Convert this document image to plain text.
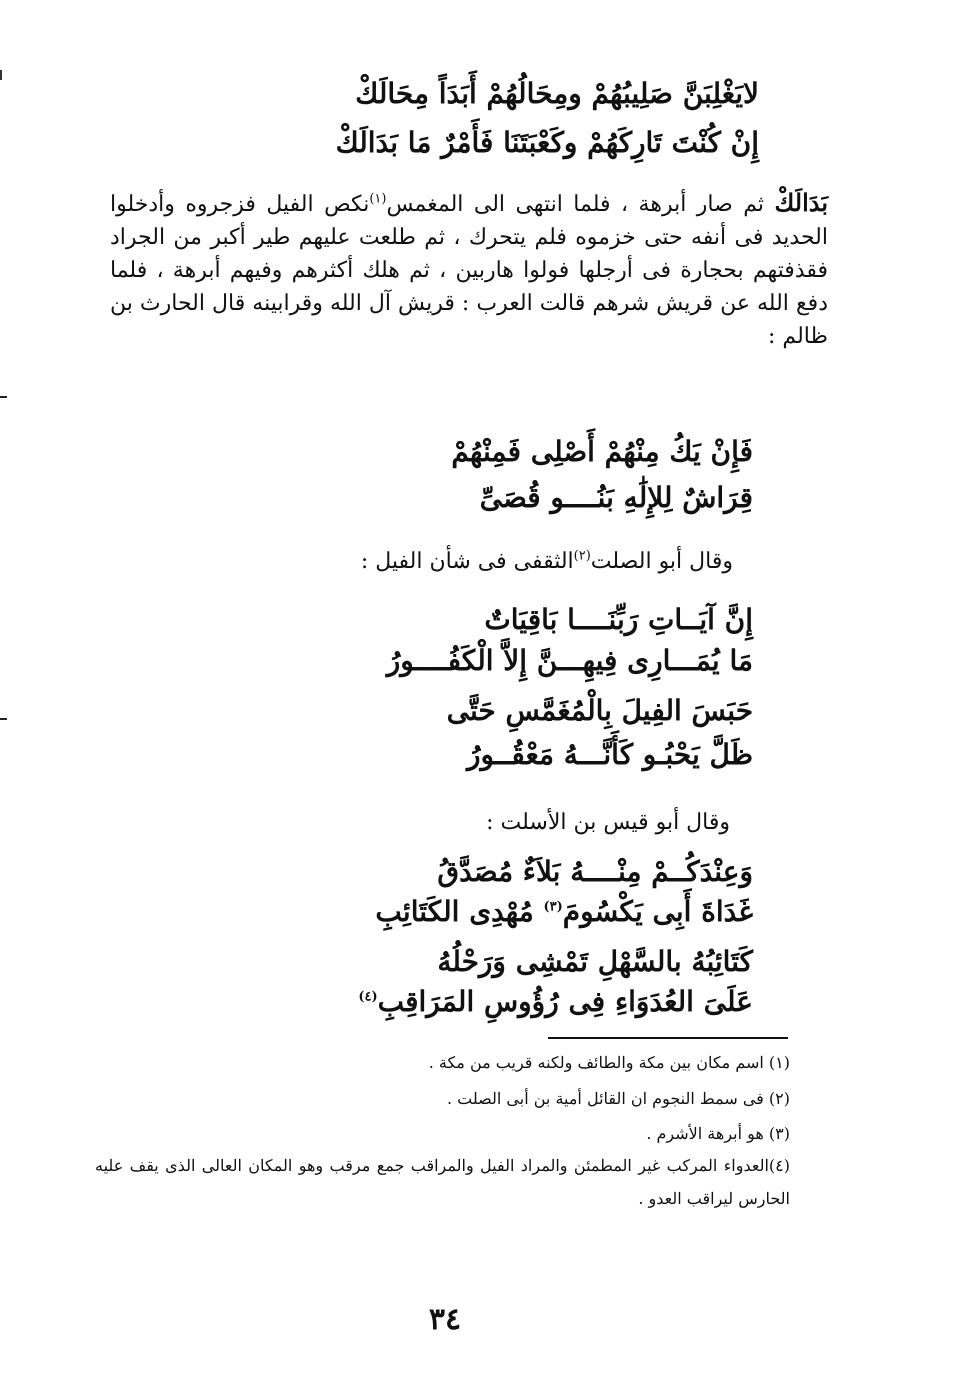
لايَغْلِبَنَّ صَلِيبُهُمْ ومِحَالُهُمْ أَبَدَاً مِحَالَكْ
إِنْ كُنْتَ تَارِكَهُمْ وكَعْبَتَنَا فَأَمْرٌ مَا بَدَالَكْ
بَدَالَكْ ثم صار أبرهة ، فلما انتهى الى المغمس$^{(١)}$نكص الفيل فزجروه وأدخلوا الحديد فى أنفه حتى خزموه فلم يتحرك ، ثم طلعت عليهم طير أكبر من الجراد فقذفتهم بحجارة فى أرجلها فولوا هاربين ، ثم هلك أكثرهم وفيهم أبرهة ، فلما دفع الله عن قريش شرهم قالت العرب : قريش آل الله وقرابينه قال الحارث بن ظالم :
فَإِنْ يَكُ مِنْهُمْ أَصْلِى فَمِنْهُمْ
قِرَاشٌ لِلإِلَٰهِ بَنُــــو قُصَىِّ
وقال أبو الصلت$^{(٢)}$الثقفى فى شأن الفيل :
إِنَّ آيَــاتِ رَبِّنَــــا بَاقِيَاتٌ
مَا يُمَـــارِى فِيهِـــنَّ إِلاَّ الْكَفُــــورُ
حَبَسَ الفِيلَ بِالْمُغَمَّسِ حَتَّى
ظَلَّ يَحْبُـو كَأَنَّـــهُ مَعْقُــورُ
وقال أبو قيس بن الأسلت :
وَعِنْدَكُــمْ مِنْــــهُ بَلاَءٌ مُصَدَّقُ
غَدَاةَ أَبِى يَكْسُومَ$^{(٣)}$ مُهْدِى الكَتَائِبِ
كَتَائِبُهُ بالسَّهْلِ تَمْشِى وَرَحْلُهُ
عَلَىَ العُدَوَاءِ فِى رُؤُوسِ المَرَاقِبِ$^{(٤)}$
(١) اسم مكان بين مكة والطائف ولكنه قريب من مكة .
(٢) فى سمط النجوم ان القائل أمية بن أبى الصلت .
(٣) هو أبرهة الأشرم .
(٤)العدواء المركب غير المطمئن والمراد الفيل والمراقب جمع مرقب وهو المكان العالى الذى يقف عليه
الحارس ليراقب العدو .
٣٤
